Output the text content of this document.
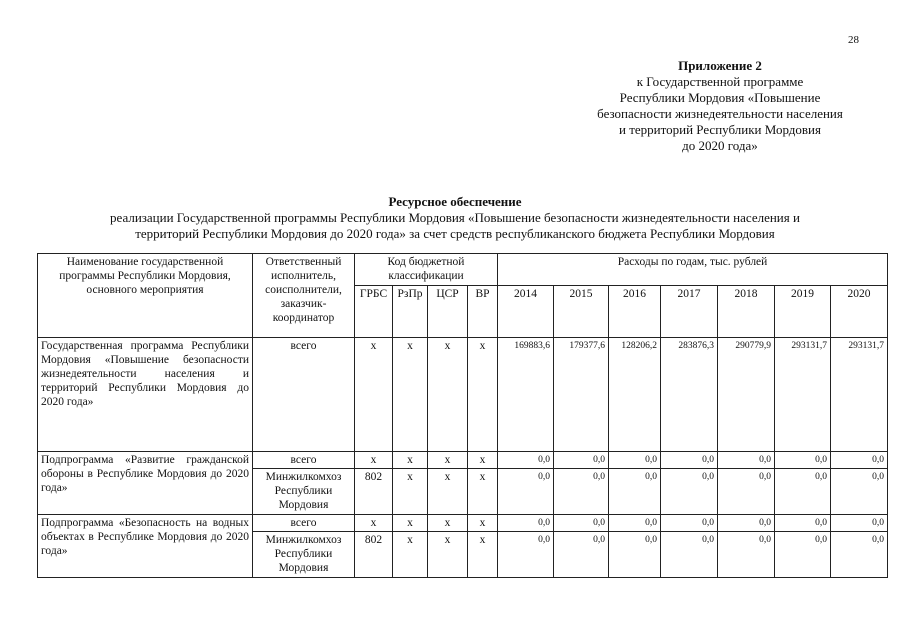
28
Приложение 2
к Государственной программе
Республики Мордовия «Повышение
безопасности жизнедеятельности населения
и территорий Республики Мордовия
до 2020 года»
Ресурсное обеспечение
реализации Государственной программы Республики Мордовия «Повышение безопасности жизнедеятельности населения и
территорий Республики Мордовия до 2020 года» за счет средств республиканского бюджета Республики Мордовия
Наименование государственной программы Республики Мордовия, основного мероприятия	Ответственный исполнитель, соисполнители, заказчик-координатор	Код бюджетной классификации				Расходы по годам, тыс. рублей						
		ГРБС	РзПр	ЦСР	ВР	2014	2015	2016	2017	2018	2019	2020
Государственная программа Республики Мордовия «Повышение безопасности жизнедеятельности населения и территорий Республики Мордовия до 2020 года»	всего	х	х	х	х	169883,6	179377,6	128206,2	283876,3	290779,9	293131,7	293131,7
Подпрограмма «Развитие гражданской обороны в Республике Мордовия до 2020 года»	всего	х	х	х	х	0,0	0,0	0,0	0,0	0,0	0,0	0,0
	Минжилкомхоз Республики Мордовия	802	х	х	х	0,0	0,0	0,0	0,0	0,0	0,0	0,0
Подпрограмма «Безопасность на водных объектах в Республике Мордовия до 2020 года»	всего	х	х	х	х	0,0	0,0	0,0	0,0	0,0	0,0	0,0
	Минжилкомхоз Республики Мордовия	802	х	х	х	0,0	0,0	0,0	0,0	0,0	0,0	0,0
